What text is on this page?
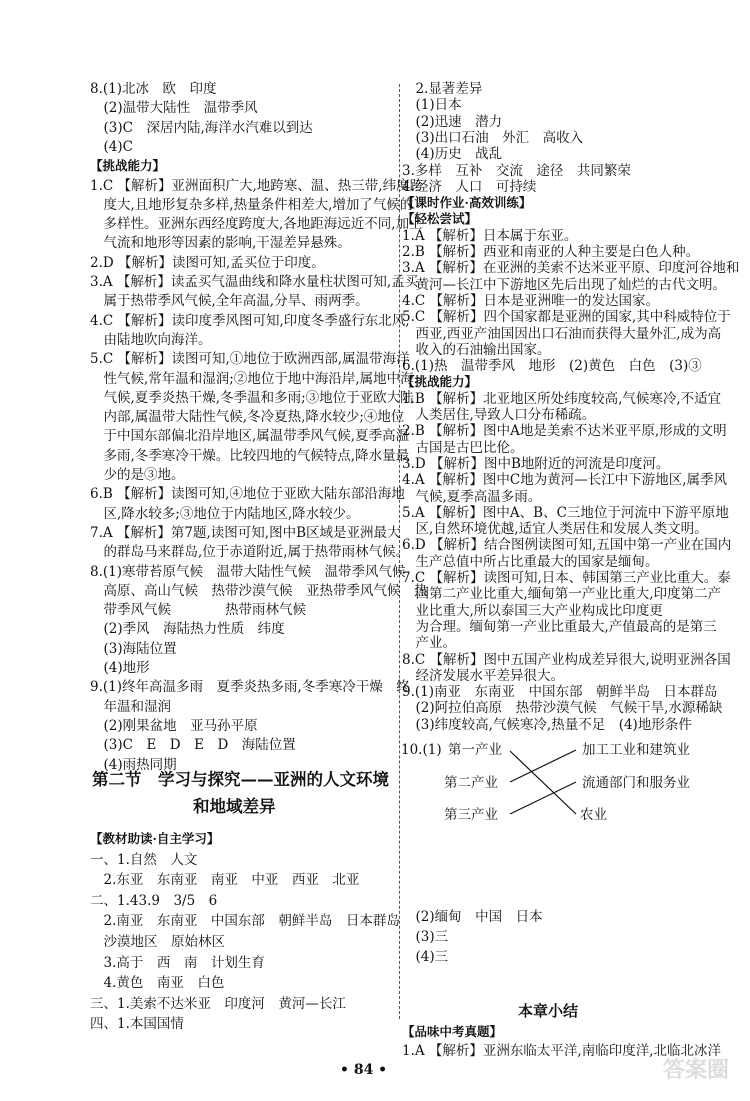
8.(1)北冰　欧　印度
　(2)温带大陆性　温带季风
　(3)C　深居内陆,海洋水汽难以到达
　(4)C
【挑战能力】
1.C 【解析】亚洲面积广大,地跨寒、温、热三带,纬度跨
　度大,且地形复杂多样,热量条件相差大,增加了气候的
　多样性。亚洲东西经度跨度大,各地距海远近不同,加上
　气流和地形等因素的影响,干湿差异悬殊。
2.D 【解析】读图可知,孟买位于印度。
3.A 【解析】读孟买气温曲线和降水量柱状图可知,孟买
　属于热带季风气候,全年高温,分旱、雨两季。
4.C 【解析】读印度季风图可知,印度冬季盛行东北风,
　由陆地吹向海洋。
5.C 【解析】读图可知,①地位于欧洲西部,属温带海洋
　性气候,常年温和湿润;②地位于地中海沿岸,属地中海
　气候,夏季炎热干燥,冬季温和多雨;③地位于亚欧大陆
　内部,属温带大陆性气候,冬冷夏热,降水较少;④地位
　于中国东部偏北沿岸地区,属温带季风气候,夏季高温
　多雨,冬季寒冷干燥。比较四地的气候特点,降水量最
　少的是③地。
6.B 【解析】读图可知,④地位于亚欧大陆东部沿海地
　区,降水较多;③地位于内陆地区,降水较少。
7.A 【解析】第7题,读图可知,图中B区域是亚洲最大
　的群岛马来群岛,位于赤道附近,属于热带雨林气候。
8.(1)寒带苔原气候　温带大陆性气候　温带季风气候
　高原、高山气候　热带沙漠气候　亚热带季风气候　热
　带季风气候　　　　热带雨林气候
　(2)季风　海陆热力性质　纬度
　(3)海陆位置
　(4)地形
9.(1)终年高温多雨　夏季炎热多雨,冬季寒冷干燥　终
　年温和湿润
　(2)刚果盆地　亚马孙平原
　(3)C　E　D　E　D　海陆位置
　(4)雨热同期
第二节　学习与探究——亚洲的人文环境
和地域差异
【教材助读·自主学习】
一、1.自然　人文
　2.东亚　东南亚　南亚　中亚　西亚　北亚
二、1.43.9　3/5　6
　2.南亚　东南亚　中国东部　朝鲜半岛　日本群岛
　沙漠地区　原始林区
　3.高于　西　南　计划生育
　4.黄色　南亚　白色
三、1.美索不达米亚　印度河　黄河—长江
四、1.本国国情
　2.显著差异
　(1)日本
　(2)迅速　潜力
　(3)出口石油　外汇　高收入
　(4)历史　战乱
3.多样　互补　交流　途径　共同繁荣
4.经济　人口　可持续
【课时作业·高效训练】
【轻松尝试】
1.A 【解析】日本属于东亚。
2.B 【解析】西亚和南亚的人种主要是白色人种。
3.A 【解析】在亚洲的美索不达米亚平原、印度河谷地和
　黄河—长江中下游地区先后出现了灿烂的古代文明。
4.C 【解析】日本是亚洲唯一的发达国家。
5.C 【解析】四个国家都是亚洲的国家,其中科威特位于
　西亚,西亚产油国因出口石油而获得大量外汇,成为高
　收入的石油输出国家。
6.(1)热　温带季风　地形　(2)黄色　白色　(3)③
【挑战能力】
1.B 【解析】北亚地区所处纬度较高,气候寒冷,不适宜
　人类居住,导致人口分布稀疏。
2.B 【解析】图中A地是美索不达米亚平原,形成的文明
　古国是古巴比伦。
3.D 【解析】图中B地附近的河流是印度河。
4.A 【解析】图中C地为黄河—长江中下游地区,属季风
　气候,夏季高温多雨。
5.A 【解析】图中A、B、C三地位于河流中下游平原地
　区,自然环境优越,适宜人类居住和发展人类文明。
6.D 【解析】结合图例读图可知,五国中第一产业在国内
　生产总值中所占比重最大的国家是缅甸。
7.C 【解析】读图可知,日本、韩国第三产业比重大。泰
　国第二产业比重大,缅甸第一产业比重大,印度第二产
　业比重大,所以泰国三大产业构成比印度更
　为合理。缅甸第一产业比重最大,产值最高的是第三
　产业。
8.C 【解析】图中五国产业构成差异很大,说明亚洲各国
　经济发展水平差异很大。
9.(1)南亚　东南亚　中国东部　朝鲜半岛　日本群岛
　(2)阿拉伯高原　热带沙漠气候　气候干旱,水源稀缺
　(3)纬度较高,气候寒冷,热量不足　(4)地形条件
10.(1) 第一产业
第二产业
第三产业
加工工业和建筑业
流通部门和服务业
农业
　(2)缅甸　中国　日本
　(3)三
　(4)三
本章小结
【品味中考真题】
1.A 【解析】亚洲东临太平洋,南临印度洋,北临北冰洋
• 84 •	答案圈
